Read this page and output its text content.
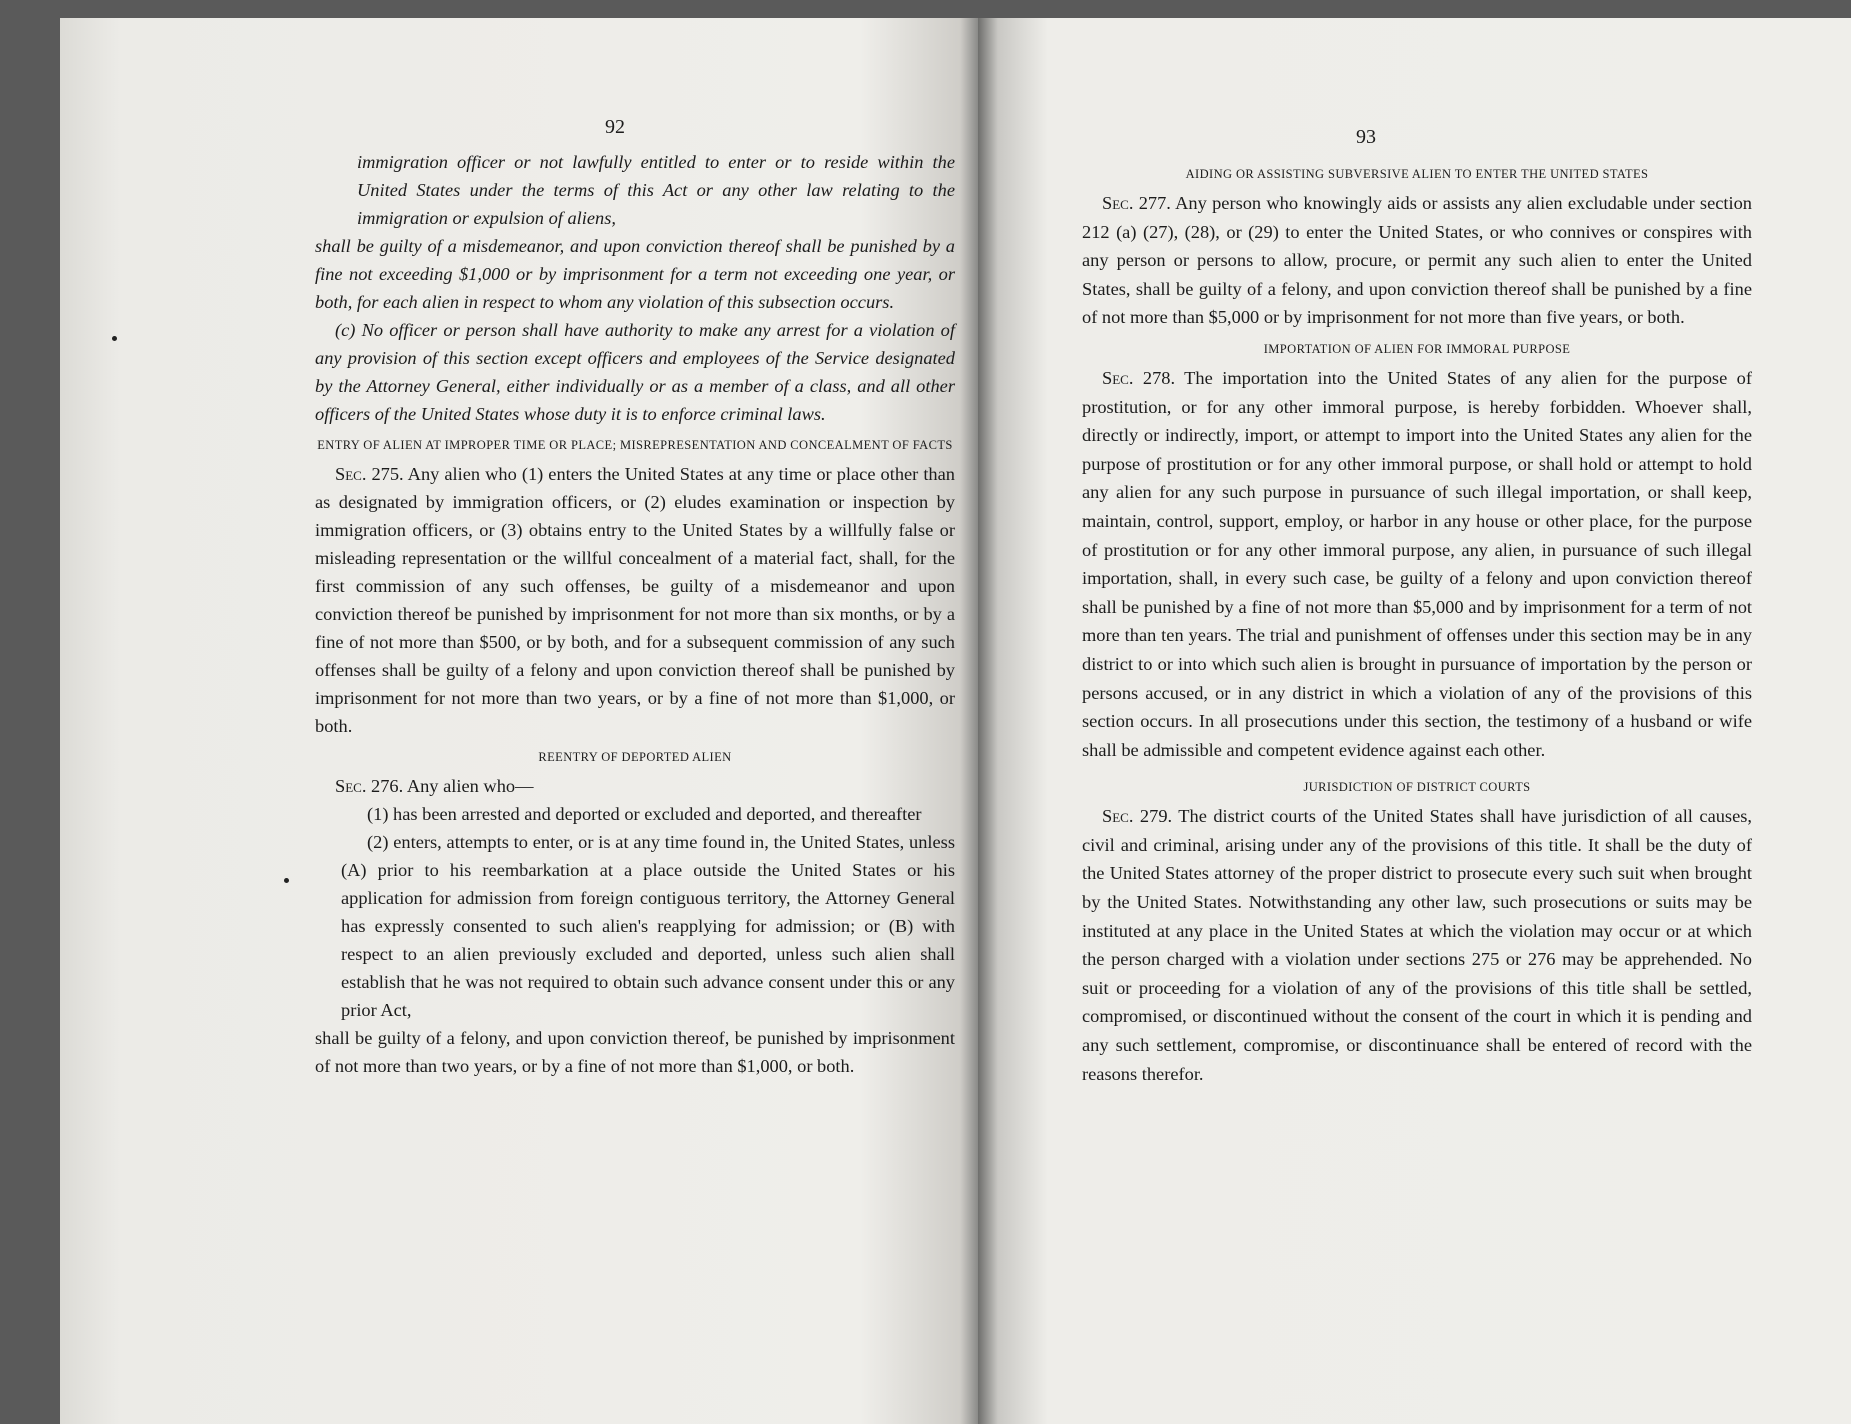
92

immigration officer or not lawfully entitled to enter or to reside within the United States under the terms of this Act or any other law relating to the immigration or expulsion of aliens,

shall be guilty of a misdemeanor, and upon conviction thereof shall be punished by a fine not exceeding $1,000 or by imprisonment for a term not exceeding one year, or both, for each alien in respect to whom any violation of this subsection occurs.

(c) No officer or person shall have authority to make any arrest for a violation of any provision of this section except officers and employees of the Service designated by the Attorney General, either individually or as a member of a class, and all other officers of the United States whose duty it is to enforce criminal laws.

ENTRY OF ALIEN AT IMPROPER TIME OR PLACE; MISREPRESENTATION AND CONCEALMENT OF FACTS

Sec. 275. Any alien who (1) enters the United States at any time or place other than as designated by immigration officers, or (2) eludes examination or inspection by immigration officers, or (3) obtains entry to the United States by a willfully false or misleading representation or the willful concealment of a material fact, shall, for the first commission of any such offenses, be guilty of a misdemeanor and upon conviction thereof be punished by imprisonment for not more than six months, or by a fine of not more than $500, or by both, and for a subsequent commission of any such offenses shall be guilty of a felony and upon conviction thereof shall be punished by imprisonment for not more than two years, or by a fine of not more than $1,000, or both.

REENTRY OF DEPORTED ALIEN

Sec. 276. Any alien who—

(1) has been arrested and deported or excluded and deported, and thereafter

(2) enters, attempts to enter, or is at any time found in, the United States, unless (A) prior to his reembarkation at a place outside the United States or his application for admission from foreign contiguous territory, the Attorney General has expressly consented to such alien's reapplying for admission; or (B) with respect to an alien previously excluded and deported, unless such alien shall establish that he was not required to obtain such advance consent under this or any prior Act,

shall be guilty of a felony, and upon conviction thereof, be punished by imprisonment of not more than two years, or by a fine of not more than $1,000, or both.

93
AIDING OR ASSISTING SUBVERSIVE ALIEN TO ENTER THE UNITED STATES

Sec. 277. Any person who knowingly aids or assists any alien excludable under section 212 (a) (27), (28), or (29) to enter the United States, or who connives or conspires with any person or persons to allow, procure, or permit any such alien to enter the United States, shall be guilty of a felony, and upon conviction thereof shall be punished by a fine of not more than $5,000 or by imprisonment for not more than five years, or both.

IMPORTATION OF ALIEN FOR IMMORAL PURPOSE

Sec. 278. The importation into the United States of any alien for the purpose of prostitution, or for any other immoral purpose, is hereby forbidden. Whoever shall, directly or indirectly, import, or attempt to import into the United States any alien for the purpose of prostitution or for any other immoral purpose, or shall hold or attempt to hold any alien for any such purpose in pursuance of such illegal importation, or shall keep, maintain, control, support, employ, or harbor in any house or other place, for the purpose of prostitution or for any other immoral purpose, any alien, in pursuance of such illegal importation, shall, in every such case, be guilty of a felony and upon conviction thereof shall be punished by a fine of not more than $5,000 and by imprisonment for a term of not more than ten years. The trial and punishment of offenses under this section may be in any district to or into which such alien is brought in pursuance of importation by the person or persons accused, or in any district in which a violation of any of the provisions of this section occurs. In all prosecutions under this section, the testimony of a husband or wife shall be admissible and competent evidence against each other.

JURISDICTION OF DISTRICT COURTS

Sec. 279. The district courts of the United States shall have jurisdiction of all causes, civil and criminal, arising under any of the provisions of this title. It shall be the duty of the United States attorney of the proper district to prosecute every such suit when brought by the United States. Notwithstanding any other law, such prosecutions or suits may be instituted at any place in the United States at which the violation may occur or at which the person charged with a violation under sections 275 or 276 may be apprehended. No suit or proceeding for a violation of any of the provisions of this title shall be settled, compromised, or discontinued without the consent of the court in which it is pending and any such settlement, compromise, or discontinuance shall be entered of record with the reasons therefor.
